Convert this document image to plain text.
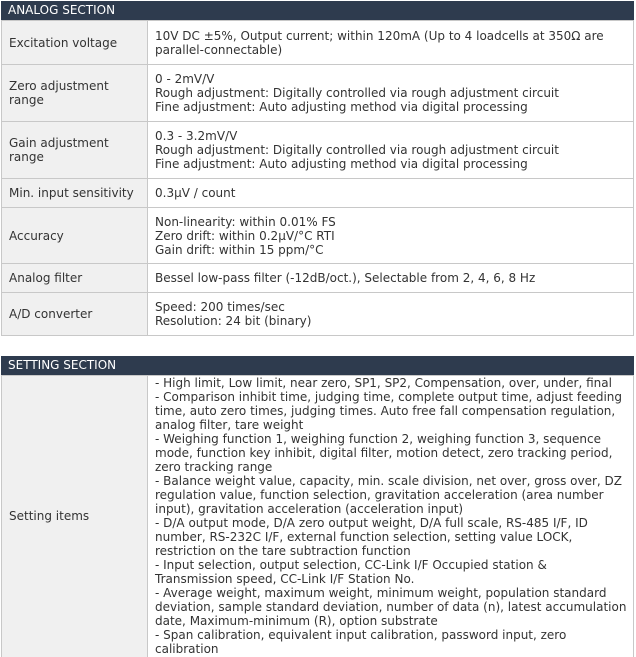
ANALOG SECTION
Excitation voltage	10V DC ±5%, Output current; within 120mA (Up to 4 loadcells at 350Ω are parallel-connectable)
Zero adjustment range	0 - 2mV/V
Rough adjustment: Digitally controlled via rough adjustment circuit
Fine adjustment: Auto adjusting method via digital processing
Gain adjustment range	0.3 - 3.2mV/V
Rough adjustment: Digitally controlled via rough adjustment circuit
Fine adjustment: Auto adjusting method via digital processing
Min. input sensitivity	0.3μV / count
Accuracy	Non-linearity: within 0.01% FS
Zero drift: within 0.2μV/°C RTI
Gain drift: within 15 ppm/°C
Analog filter	Bessel low-pass filter (-12dB/oct.), Selectable from 2, 4, 6, 8 Hz
A/D converter	Speed: 200 times/sec
Resolution: 24 bit (binary)
SETTING SECTION
Setting items	- High limit, Low limit, near zero, SP1, SP2, Compensation, over, under, final
- Comparison inhibit time, judging time, complete output time, adjust feeding time, auto zero times, judging times. Auto free fall compensation regulation, analog filter, tare weight
- Weighing function 1, weighing function 2, weighing function 3, sequence mode, function key inhibit, digital filter, motion detect, zero tracking period, zero tracking range
- Balance weight value, capacity, min. scale division, net over, gross over, DZ regulation value, function selection, gravitation acceleration (area number input), gravitation acceleration (acceleration input)
- D/A output mode, D/A zero output weight, D/A full scale, RS-485 I/F, ID number, RS-232C I/F, external function selection, setting value LOCK, restriction on the tare subtraction function
- Input selection, output selection, CC-Link I/F Occupied station & Transmission speed, CC-Link I/F Station No.
- Average weight, maximum weight, minimum weight, population standard deviation, sample standard deviation, number of data (n), latest accumulation date, Maximum-minimum (R), option substrate
- Span calibration, equivalent input calibration, password input, zero calibration
